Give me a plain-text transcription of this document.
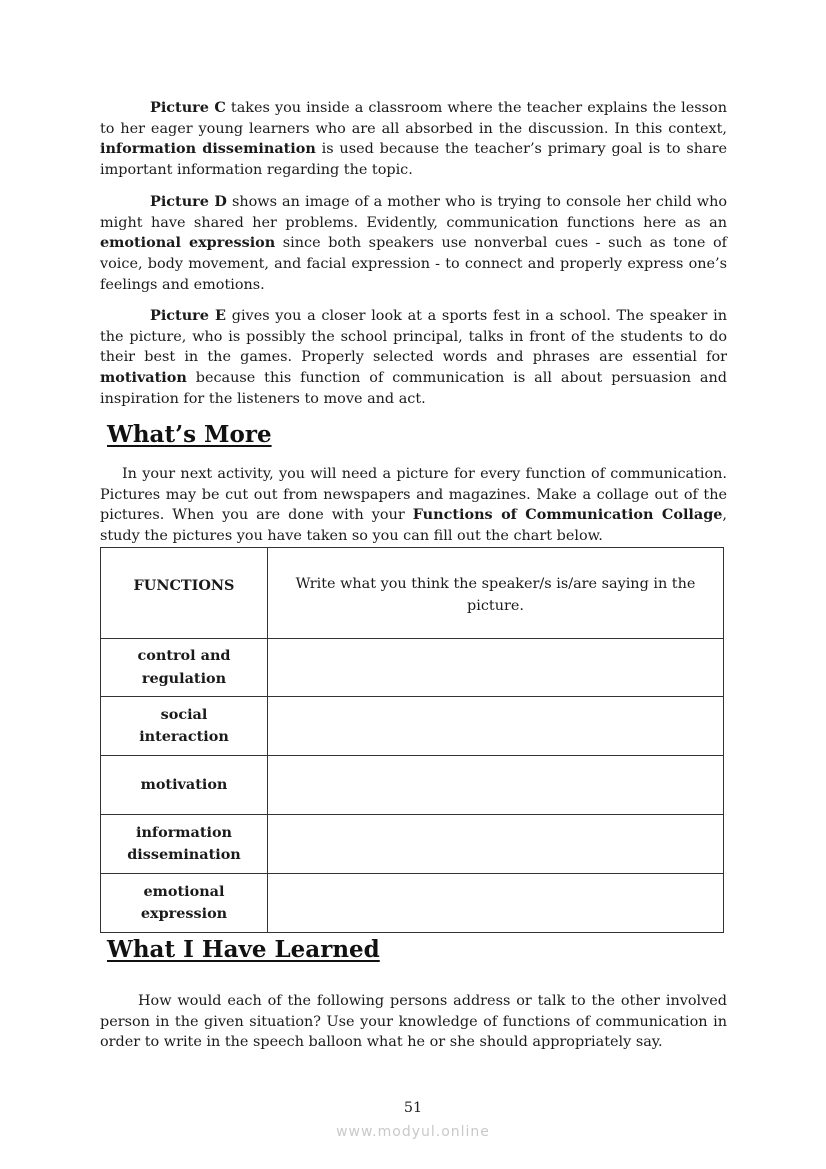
Picture C takes you inside a classroom where the teacher explains the lesson to her eager young learners who are all absorbed in the discussion. In this context, information dissemination is used because the teacher’s primary goal is to share important information regarding the topic.

Picture D shows an image of a mother who is trying to console her child who might have shared her problems. Evidently, communication functions here as an emotional expression since both speakers use nonverbal cues - such as tone of voice, body movement, and facial expression - to connect and properly express one’s feelings and emotions.

Picture E gives you a closer look at a sports fest in a school. The speaker in the picture, who is possibly the school principal, talks in front of the students to do their best in the games. Properly selected words and phrases are essential for motivation because this function of communication is all about persuasion and inspiration for the listeners to move and act.

What’s More

In your next activity, you will need a picture for every function of communication. Pictures may be cut out from newspapers and magazines. Make a collage out of the pictures. When you are done with your Functions of Communication Collage, study the pictures you have taken so you can fill out the chart below.

FUNCTIONS	Write what you think the speaker/s is/are saying in the picture.

control and
regulation	

social
interaction	

motivation	

information
dissemination	

emotional
expression	

What I Have Learned

How would each of the following persons address or talk to the other involved person in the given situation? Use your knowledge of functions of communication in order to write in the speech balloon what he or she should appropriately say.

51
www.modyul.online
